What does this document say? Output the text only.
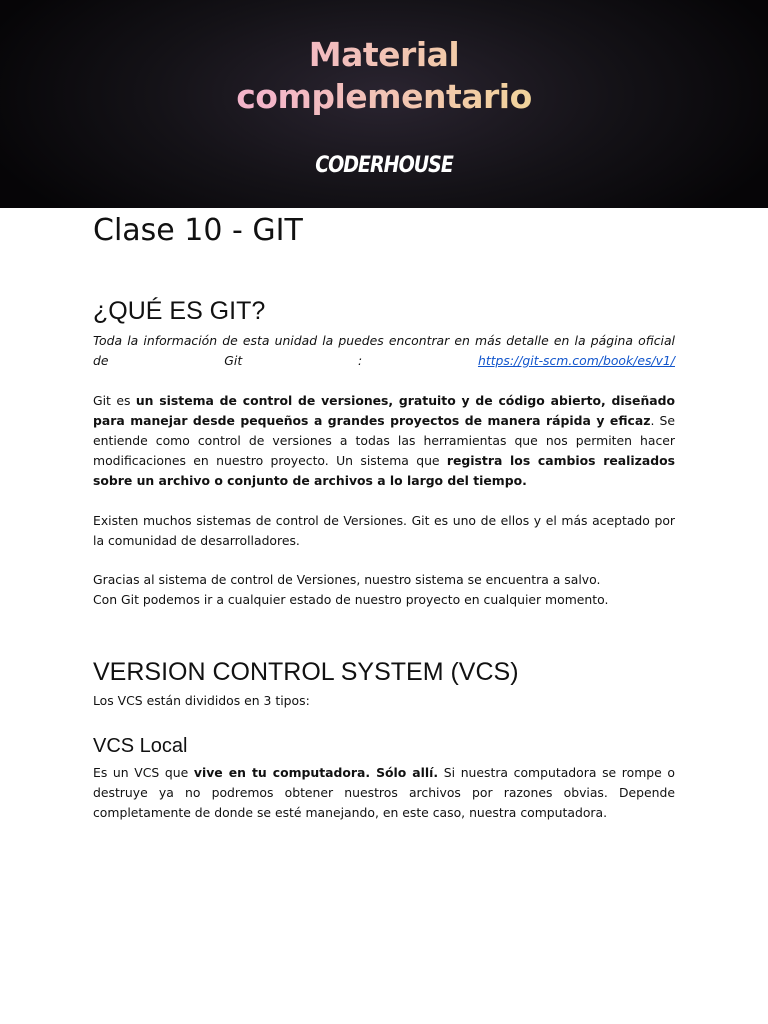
Material
complementario
CODERHOUSE
Clase 10 - GIT
¿QUÉ ES GIT?

Toda la información de esta unidad la puedes encontrar en más detalle en la página oficial de Git :	https://git-scm.com/book/es/v1/

Git es un sistema de control de versiones, gratuito y de código abierto, diseñado para manejar desde pequeños a grandes proyectos de manera rápida y eficaz. Se entiende como control de versiones a todas las herramientas que nos permiten hacer modificaciones en nuestro proyecto. Un sistema que registra los cambios realizados sobre un archivo o conjunto de archivos a lo largo del tiempo.

Existen muchos sistemas de control de Versiones. Git es uno de ellos y el más aceptado por la comunidad de desarrolladores.

Gracias al sistema de control de Versiones, nuestro sistema se encuentra a salvo.
Con Git podemos ir a cualquier estado de nuestro proyecto en cualquier momento.

VERSION CONTROL SYSTEM (VCS)

Los VCS están divididos en 3 tipos:

VCS Local

Es un VCS que vive en tu computadora. Sólo allí. Si nuestra computadora se rompe o destruye ya no podremos obtener nuestros archivos por razones obvias. Depende completamente de donde se esté manejando, en este caso, nuestra computadora.
